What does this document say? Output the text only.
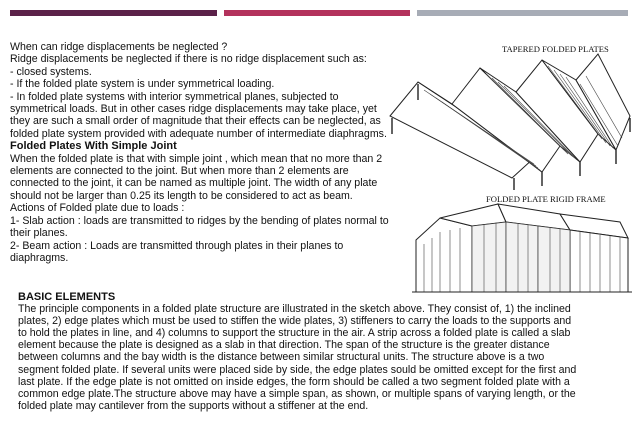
When can ridge displacements be neglected ?
Ridge displacements be neglected if there is no ridge displacement such as:
- closed systems.
- If the folded plate system is under symmetrical loading.
- In folded plate systems with interior symmetrical planes, subjected to
symmetrical loads. But in other cases ridge displacements may take place, yet
they are such a small order of magnitude that their effects can be neglected, as
folded plate system provided with adequate number of intermediate diaphragms.
Folded Plates With Simple Joint
When the folded plate is that with simple joint , which mean that no more than 2
elements are connected to the joint. But when more than 2 elements are
connected to the joint, it can be named as multiple joint. The width of any plate
should not be larger than 0.25 its length to be considered to act as beam.
Actions of Folded plate due to loads :
1- Slab action : loads are transmitted to ridges by the bending of plates normal to
their planes.
2- Beam action : Loads are transmitted through plates in their planes to
diaphragms.
TAPERED FOLDED PLATES
FOLDED PLATE RIGID FRAME
BASIC ELEMENTS
The principle components in a folded plate structure are illustrated in the sketch above. They consist of, 1) the inclined
plates, 2) edge plates which must be used to stiffen the wide plates, 3) stiffeners to carry the loads to the supports and
to hold the plates in line, and 4) columns to support the structure in the air. A strip across a folded plate is called a slab
element because the plate is designed as a slab in that direction. The span of the structure is the greater distance
between columns and the bay width is the distance between similar structural units. The structure above is a two
segment folded plate. If several units were placed side by side, the edge plates sould be omitted except for the first and
last plate. If the edge plate is not omitted on inside edges, the form should be called a two segment folded plate with a
common edge plate.The structure above may have a simple span, as shown, or multiple spans of varying length, or the
folded plate may cantilever from the supports without a stiffener at the end.
